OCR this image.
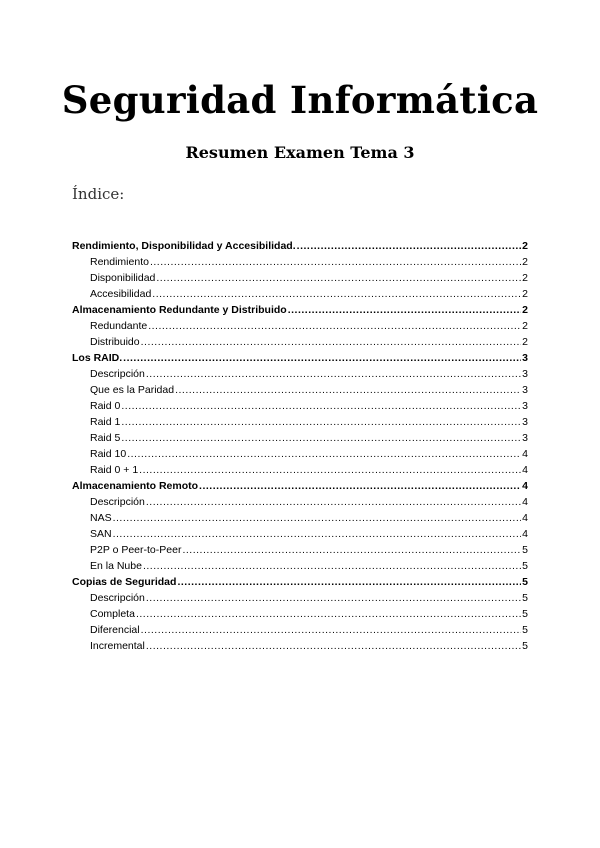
Seguridad Informática
Resumen Examen Tema 3
Índice:
Rendimiento, Disponibilidad y Accesibilidad. .....	2
Rendimiento .....	2
Disponibilidad .....	2
Accesibilidad .....	2
Almacenamiento Redundante y Distribuido .....	2
Redundante .....	2
Distribuido .....	2
Los RAID. .....	3
Descripción .....	3
Que es la Paridad .....	3
Raid 0 .....	3
Raid 1 .....	3
Raid 5 .....	3
Raid 10 .....	4
Raid 0 + 1 .....	4
Almacenamiento Remoto .....	4
Descripción .....	4
NAS .....	4
SAN .....	4
P2P o Peer-to-Peer .....	5
En la Nube .....	5
Copias de Seguridad .....	5
Descripción .....	5
Completa .....	5
Diferencial .....	5
Incremental .....	5
